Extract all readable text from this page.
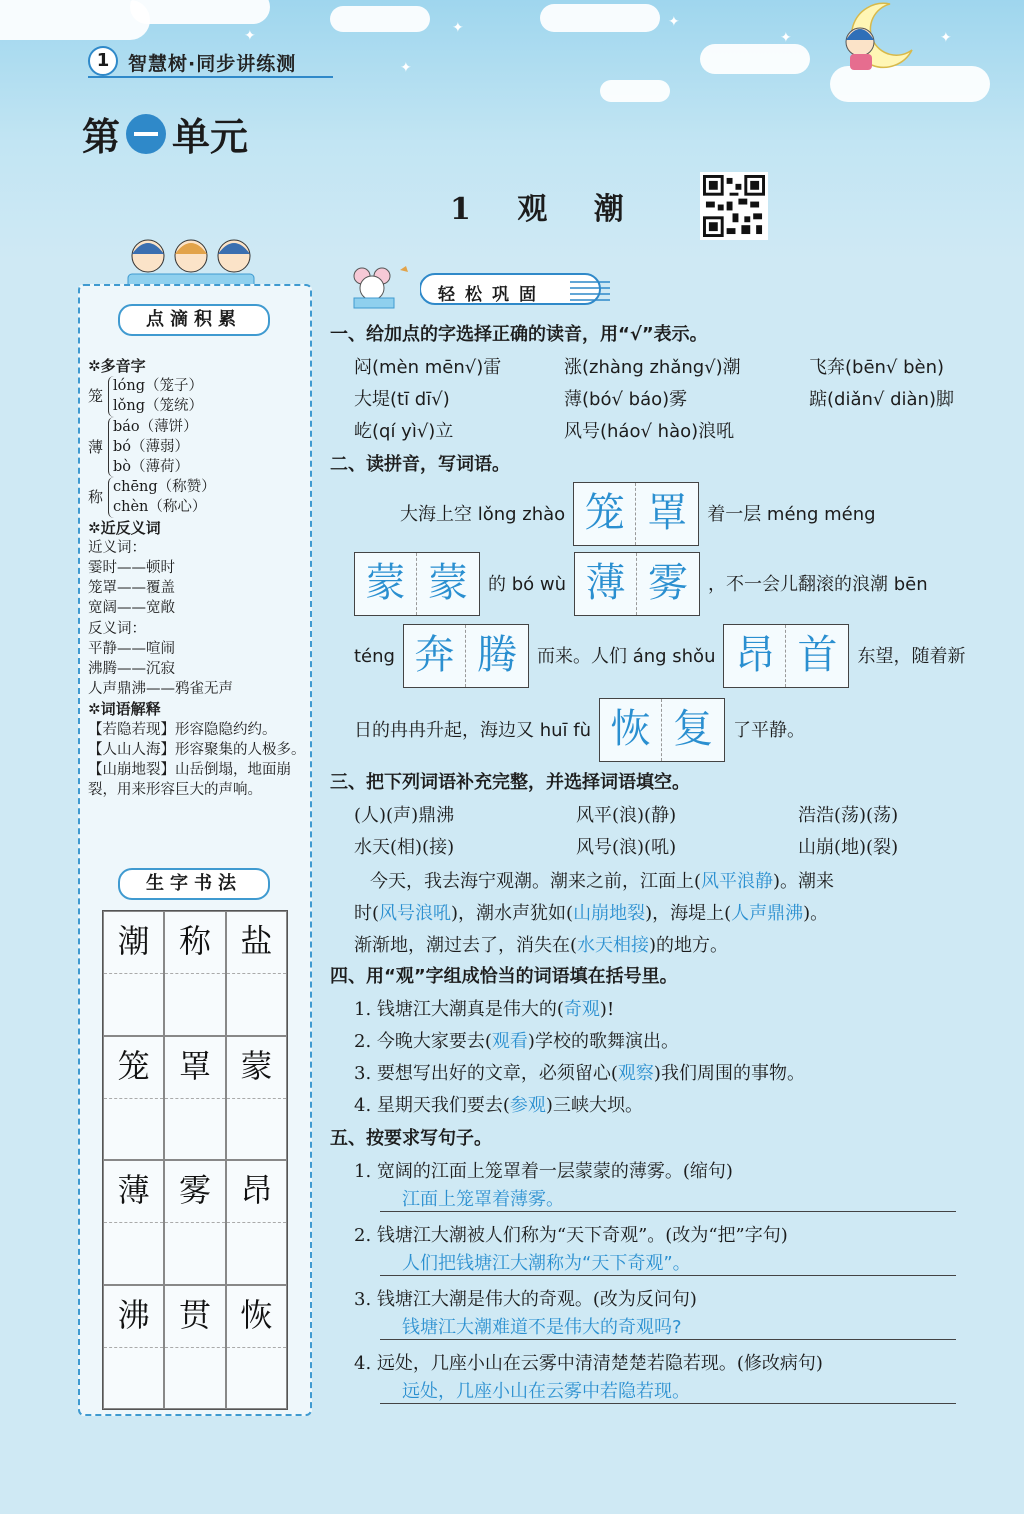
✦	✦	✦
✦	✦
✦
1 智慧树·同步讲练测
第 单元
1 观 潮
点滴积累
✲多音字
笼
lóng（笼子）
lǒng（笼统）
薄
báo（薄饼）
bó（薄弱）
bò（薄荷）
称
chēng（称赞）
chèn（称心）
✲近反义词
近义词：
霎时——顿时
笼罩——覆盖
宽阔——宽敞
反义词：
平静——喧闹
沸腾——沉寂
人声鼎沸——鸦雀无声
✲词语解释
【若隐若现】形容隐隐约约。
【人山人海】形容聚集的人极多。
【山崩地裂】山岳倒塌，地面崩裂，用来形容巨大的声响。
生字书法
潮 称 盐
笼 罩 蒙
薄 雾 昂
沸 贯 恢
轻松巩固
一、给加点的字选择正确的读音，用“√”表示。
闷(mèn mēn√)雷	涨(zhàng zhǎng√)潮	飞奔(bēn√ bèn)
大堤(tī dī√)	薄(bó√ báo)雾	踮(diǎn√ diàn)脚
屹(qí yì√)立	风号(háo√ hào)浪吼
二、读拼音，写词语。
大海上空 lǒng zhào 笼 罩	着一层 méng méng
蒙 蒙	的 bó wù 薄 雾	，不一会儿翻滚的浪潮 bēn
téng 奔 腾	而来。人们 áng shǒu 昂 首	东望，随着新
日的冉冉升起，海边又 huī fù 恢 复	了平静。
三、把下列词语补充完整，并选择词语填空。
(人)(声)鼎沸	风平(浪)(静)	浩浩(荡)(荡)
水天(相)(接)	风号(浪)(吼)	山崩(地)(裂)
今天，我去海宁观潮。潮来之前，江面上(风平浪静)。潮来
时(风号浪吼)，潮水声犹如(山崩地裂)，海堤上(人声鼎沸)。
渐渐地，潮过去了，消失在(水天相接)的地方。
四、用“观”字组成恰当的词语填在括号里。
1. 钱塘江大潮真是伟大的(奇观)!
2. 今晚大家要去(观看)学校的歌舞演出。
3. 要想写出好的文章，必须留心(观察)我们周围的事物。
4. 星期天我们要去(参观)三峡大坝。
五、按要求写句子。
1. 宽阔的江面上笼罩着一层蒙蒙的薄雾。(缩句)
江面上笼罩着薄雾。
2. 钱塘江大潮被人们称为“天下奇观”。(改为“把”字句)
人们把钱塘江大潮称为“天下奇观”。
3. 钱塘江大潮是伟大的奇观。(改为反问句)
钱塘江大潮难道不是伟大的奇观吗?
4. 远处，几座小山在云雾中清清楚楚若隐若现。(修改病句)
远处，几座小山在云雾中若隐若现。
